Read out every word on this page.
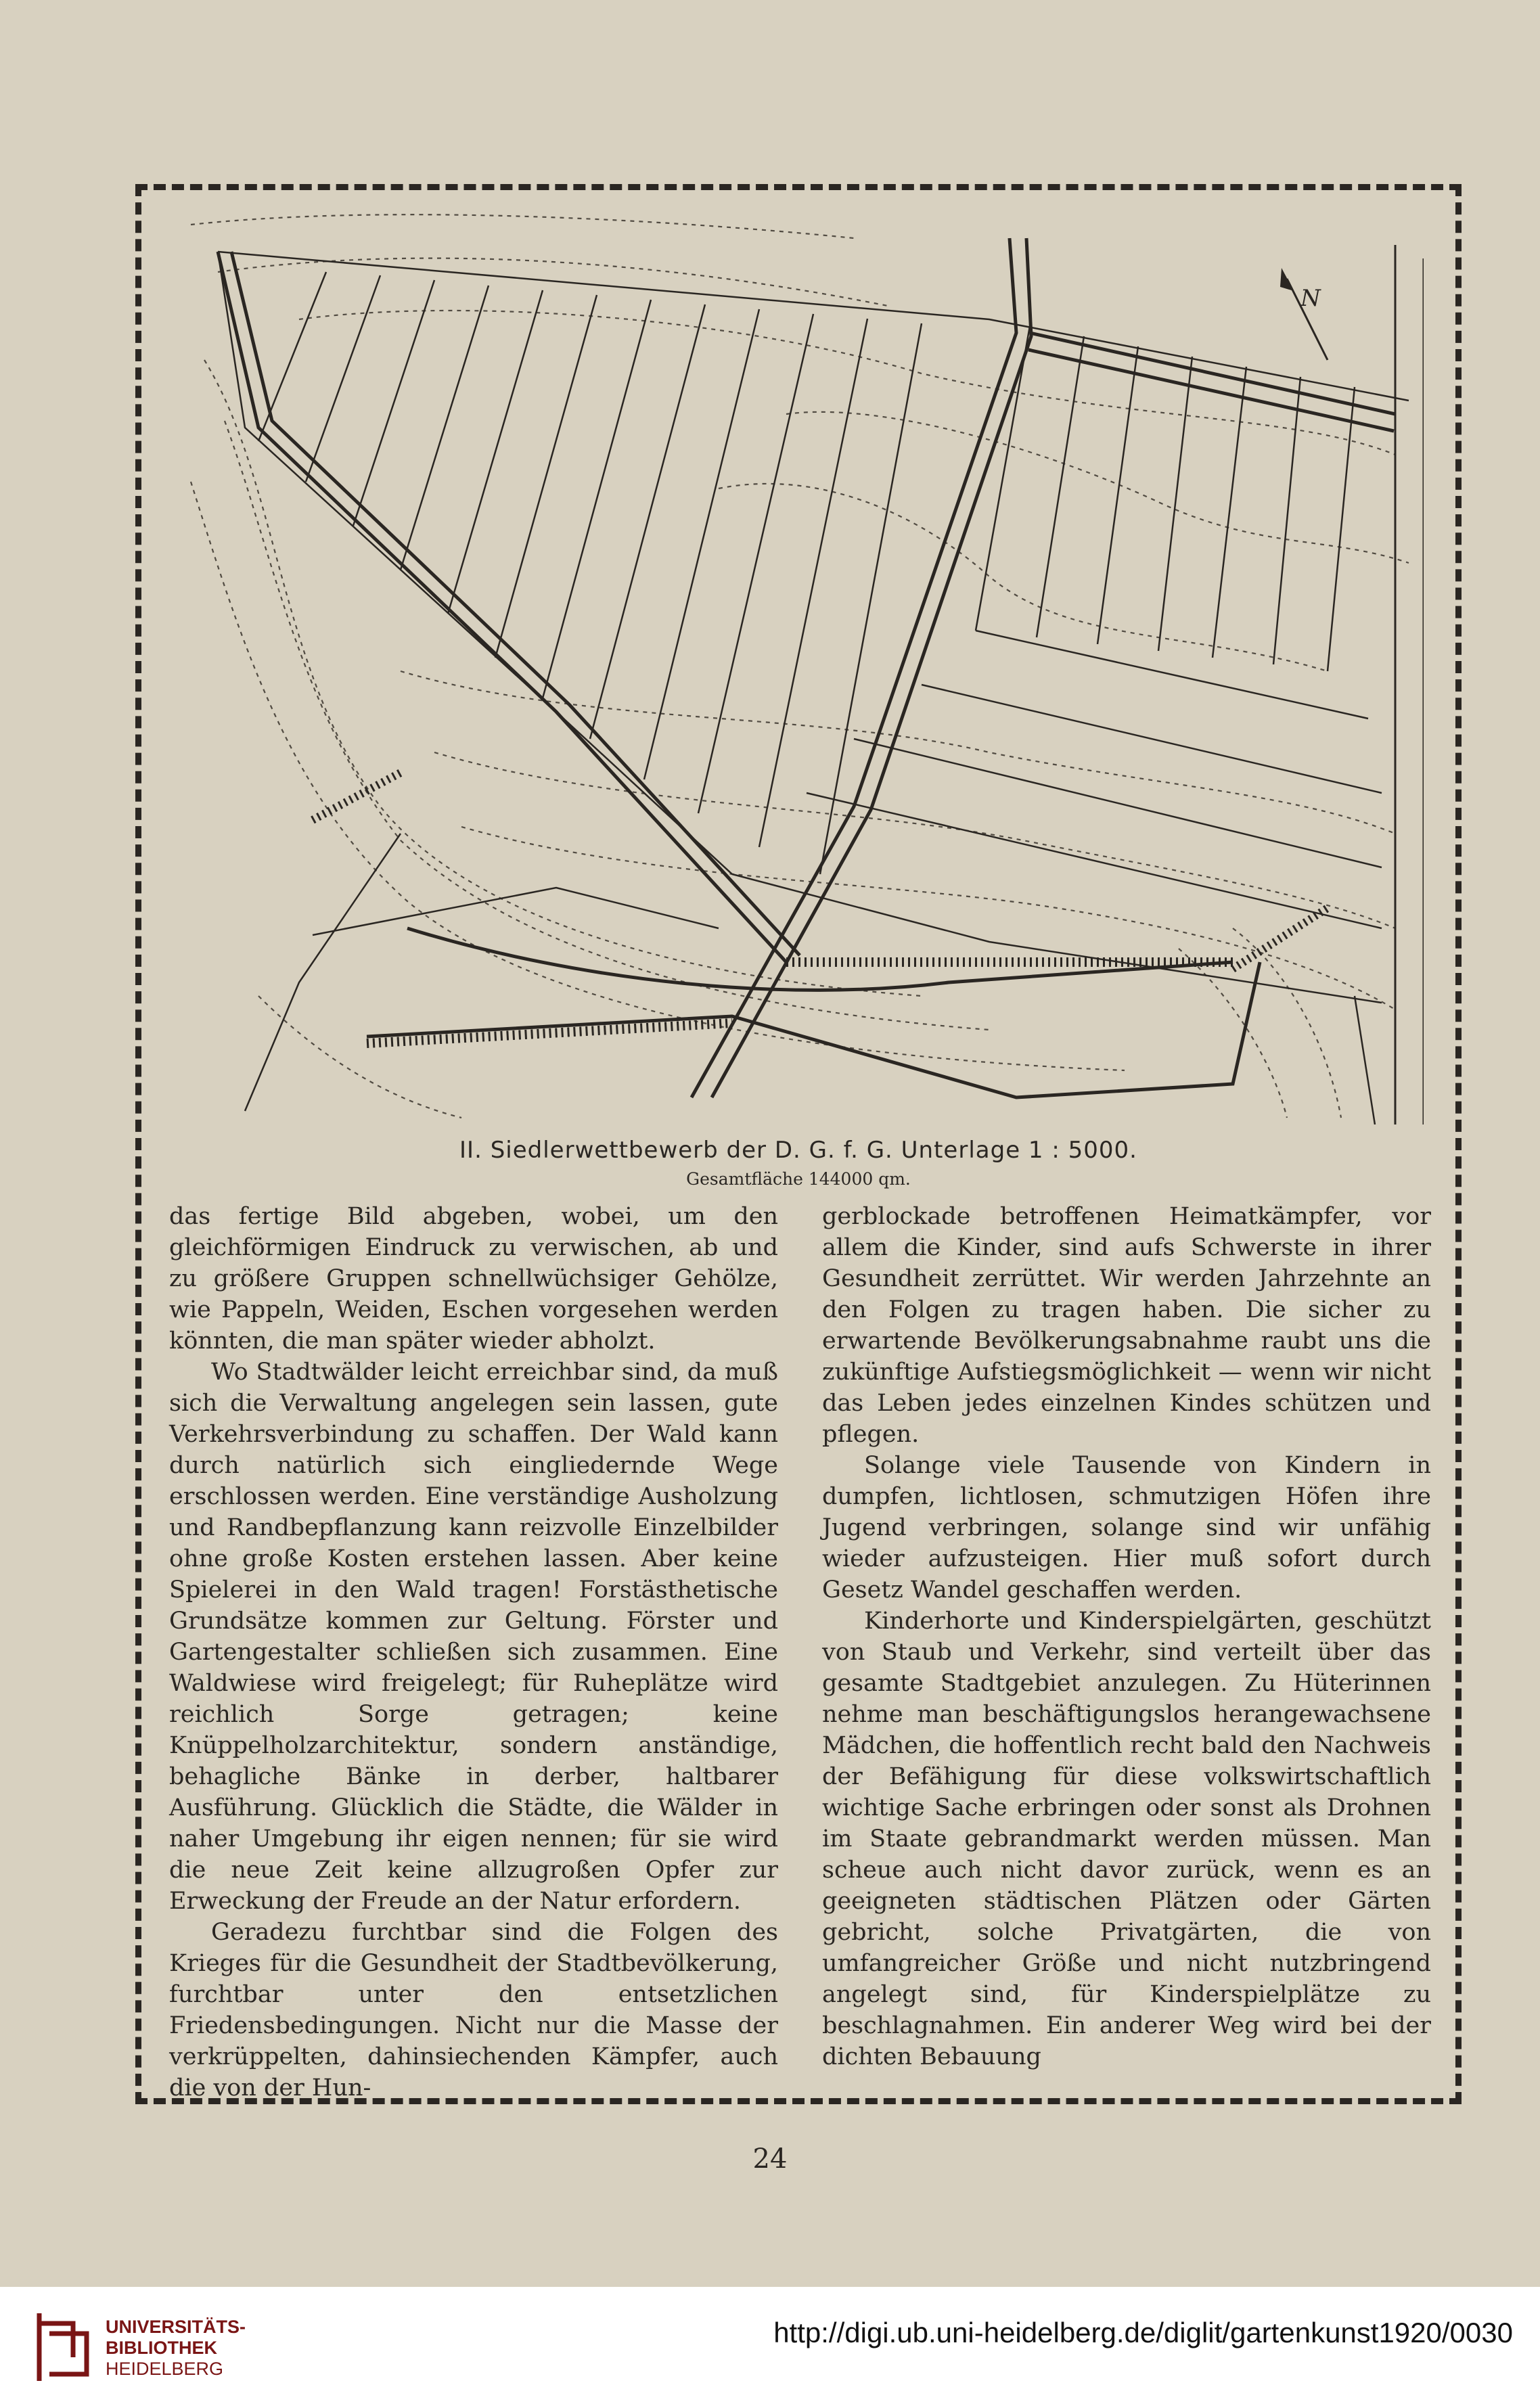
N
II. Siedlerwettbewerb der D. G. f. G. Unterlage 1 : 5000.
Gesamtfläche 144000 qm.

das fertige Bild abgeben, wobei, um den gleichförmigen Eindruck zu verwischen, ab und zu größere Gruppen schnellwüchsiger Gehölze, wie Pappeln, Weiden, Eschen vorgesehen werden könnten, die man später wieder abholzt.

Wo Stadtwälder leicht erreichbar sind, da muß sich die Verwaltung angelegen sein lassen, gute Verkehrsverbindung zu schaffen. Der Wald kann durch natürlich sich eingliedernde Wege erschlossen werden. Eine verständige Ausholzung und Randbepflanzung kann reizvolle Einzelbilder ohne große Kosten erstehen lassen. Aber keine Spielerei in den Wald tragen! Forstästhetische Grundsätze kommen zur Geltung. Förster und Gartengestalter schließen sich zusammen. Eine Waldwiese wird freigelegt; für Ruheplätze wird reichlich Sorge getragen; keine Knüppelholzarchitektur, sondern anständige, behagliche Bänke in derber, haltbarer Ausführung. Glücklich die Städte, die Wälder in naher Umgebung ihr eigen nennen; für sie wird die neue Zeit keine allzugroßen Opfer zur Erweckung der Freude an der Natur erfordern.

Geradezu furchtbar sind die Folgen des Krieges für die Gesundheit der Stadtbevölkerung, furchtbar unter den entsetzlichen Friedensbedingungen. Nicht nur die Masse der verkrüppelten, dahinsiechenden Kämpfer, auch die von der Hun-

gerblockade betroffenen Heimatkämpfer, vor allem die Kinder, sind aufs Schwerste in ihrer Gesundheit zerrüttet. Wir werden Jahrzehnte an den Folgen zu tragen haben. Die sicher zu erwartende Bevölkerungsabnahme raubt uns die zukünftige Aufstiegsmöglichkeit — wenn wir nicht das Leben jedes einzelnen Kindes schützen und pflegen.

Solange viele Tausende von Kindern in dumpfen, lichtlosen, schmutzigen Höfen ihre Jugend verbringen, solange sind wir unfähig wieder aufzusteigen. Hier muß sofort durch Gesetz Wandel geschaffen werden.

Kinderhorte und Kinderspielgärten, geschützt von Staub und Verkehr, sind verteilt über das gesamte Stadtgebiet anzulegen. Zu Hüterinnen nehme man beschäftigungslos herangewachsene Mädchen, die hoffentlich recht bald den Nachweis der Befähigung für diese volkswirtschaftlich wichtige Sache erbringen oder sonst als Drohnen im Staate gebrandmarkt werden müssen. Man scheue auch nicht davor zurück, wenn es an geeigneten städtischen Plätzen oder Gärten gebricht, solche Privatgärten, die von umfangreicher Größe und nicht nutzbringend angelegt sind, für Kinderspielplätze zu beschlagnahmen. Ein anderer Weg wird bei der dichten Bebauung

24
UNIVERSITÄTS-
BIBLIOTHEK
HEIDELBERG
http://digi.ub.uni-heidelberg.de/diglit/gartenkunst1920/0030
